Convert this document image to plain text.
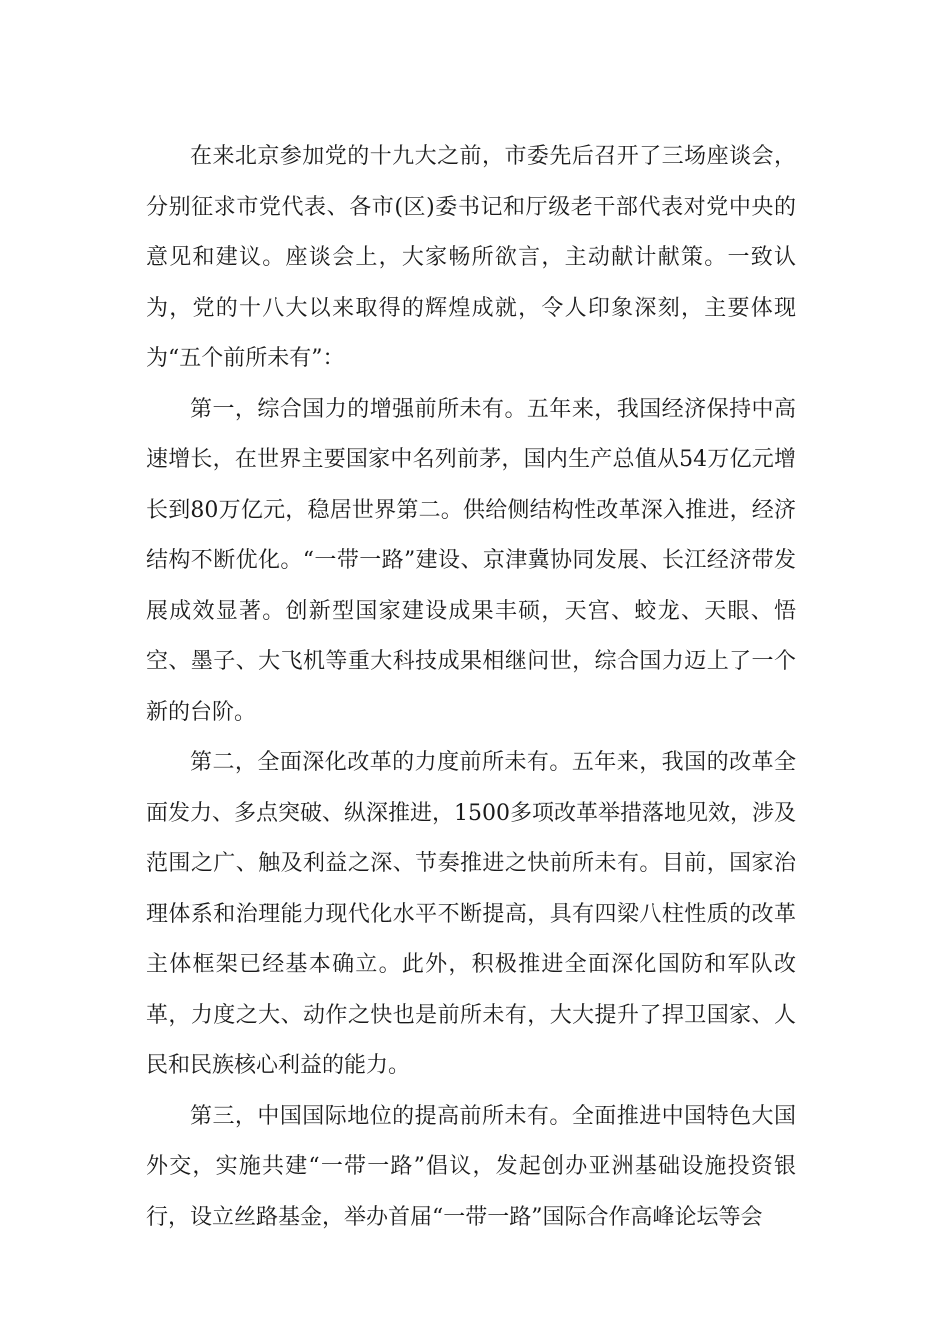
在来北京参加党的十九大之前，市委先后召开了三场座谈会，分别征求市党代表、各市(区)委书记和厅级老干部代表对党中央的意见和建议。座谈会上，大家畅所欲言，主动献计献策。一致认为，党的十八大以来取得的辉煌成就，令人印象深刻，主要体现为“五个前所未有”：

第一，综合国力的增强前所未有。五年来，我国经济保持中高速增长，在世界主要国家中名列前茅，国内生产总值从54万亿元增长到80万亿元，稳居世界第二。供给侧结构性改革深入推进，经济结构不断优化。“一带一路”建设、京津冀协同发展、长江经济带发展成效显著。创新型国家建设成果丰硕，天宫、蛟龙、天眼、悟空、墨子、大飞机等重大科技成果相继问世，综合国力迈上了一个新的台阶。

第二，全面深化改革的力度前所未有。五年来，我国的改革全面发力、多点突破、纵深推进，1500多项改革举措落地见效，涉及范围之广、触及利益之深、节奏推进之快前所未有。目前，国家治理体系和治理能力现代化水平不断提高，具有四梁八柱性质的改革主体框架已经基本确立。此外，积极推进全面深化国防和军队改革，力度之大、动作之快也是前所未有，大大提升了捍卫国家、人民和民族核心利益的能力。

第三，中国国际地位的提高前所未有。全面推进中国特色大国外交，实施共建“一带一路”倡议，发起创办亚洲基础设施投资银行，设立丝路基金，举办首届“一带一路”国际合作高峰论坛等会
